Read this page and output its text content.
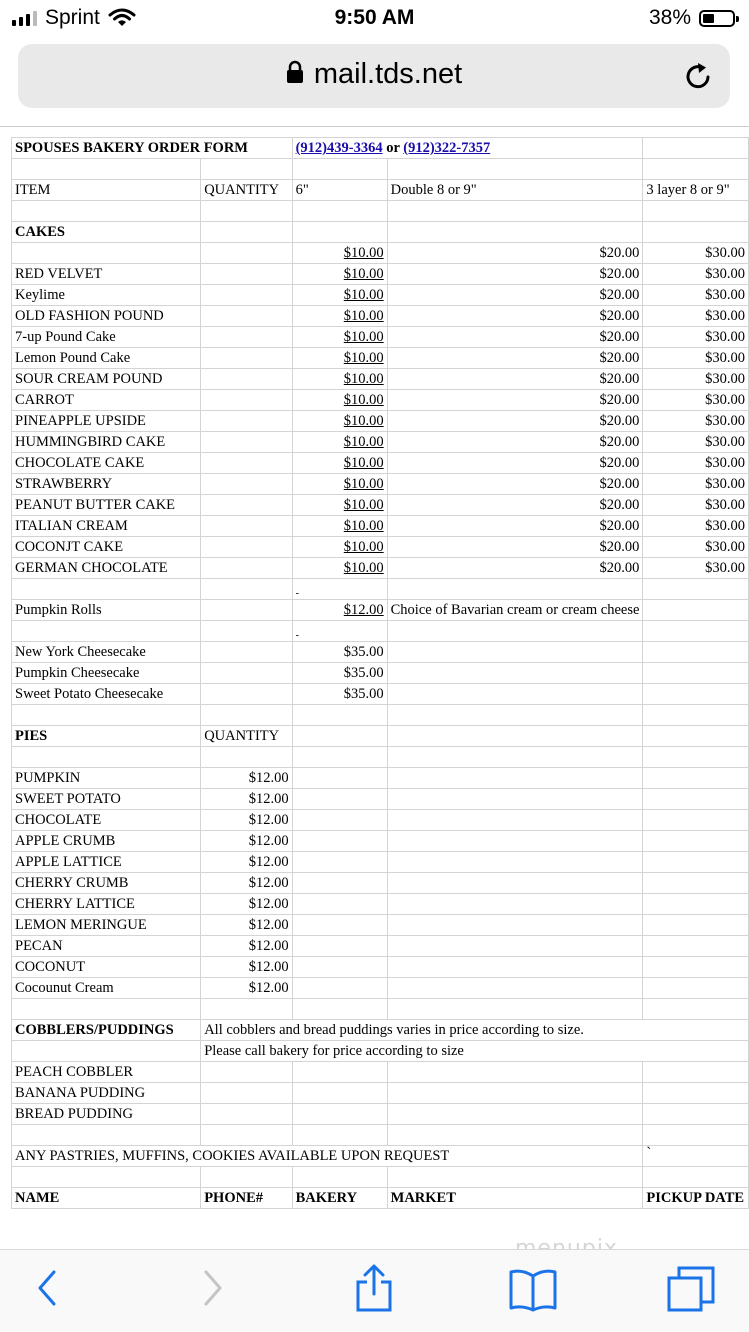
Sprint	9:50 AM	38%
mail.tds.net
SPOUSES BAKERY ORDER FORM		(912)439-3364 or (912)322-7357		

ITEM	QUANTITY	6"	Double 8 or 9"	3 layer 8 or 9"

CAKES				
		$10.00	$20.00	$30.00
RED VELVET		$10.00	$20.00	$30.00
Keylime		$10.00	$20.00	$30.00
OLD FASHION POUND		$10.00	$20.00	$30.00
7-up Pound Cake		$10.00	$20.00	$30.00
Lemon Pound Cake		$10.00	$20.00	$30.00
SOUR CREAM POUND		$10.00	$20.00	$30.00
CARROT		$10.00	$20.00	$30.00
PINEAPPLE UPSIDE		$10.00	$20.00	$30.00
HUMMINGBIRD CAKE		$10.00	$20.00	$30.00
CHOCOLATE CAKE		$10.00	$20.00	$30.00
STRAWBERRY		$10.00	$20.00	$30.00
PEANUT BUTTER CAKE		$10.00	$20.00	$30.00
ITALIAN CREAM		$10.00	$20.00	$30.00
COCONJT CAKE		$10.00	$20.00	$30.00
GERMAN CHOCOLATE		$10.00	$20.00	$30.00
		-		
Pumpkin Rolls		$12.00	Choice of Bavarian cream or cream cheese	
		-		
New York Cheesecake		$35.00		
Pumpkin Cheesecake		$35.00		
Sweet Potato Cheesecake		$35.00		

PIES	QUANTITY			

PUMPKIN	$12.00			
SWEET POTATO	$12.00			
CHOCOLATE	$12.00			
APPLE CRUMB	$12.00			
APPLE LATTICE	$12.00			
CHERRY CRUMB	$12.00			
CHERRY LATTICE	$12.00			
LEMON MERINGUE	$12.00			
PECAN	$12.00			
COCONUT	$12.00			
Cocounut Cream	$12.00			

COBBLERS/PUDDINGS	All cobblers and bread puddings varies in price according to size.			
	Please call bakery for price according to size			
PEACH COBBLER				
BANANA PUDDING				
BREAD PUDDING				

ANY PASTRIES, MUFFINS, COOKIES AVAILABLE UPON REQUEST				`

NAME	PHONE#	BAKERY	MARKET	PICKUP DATE
